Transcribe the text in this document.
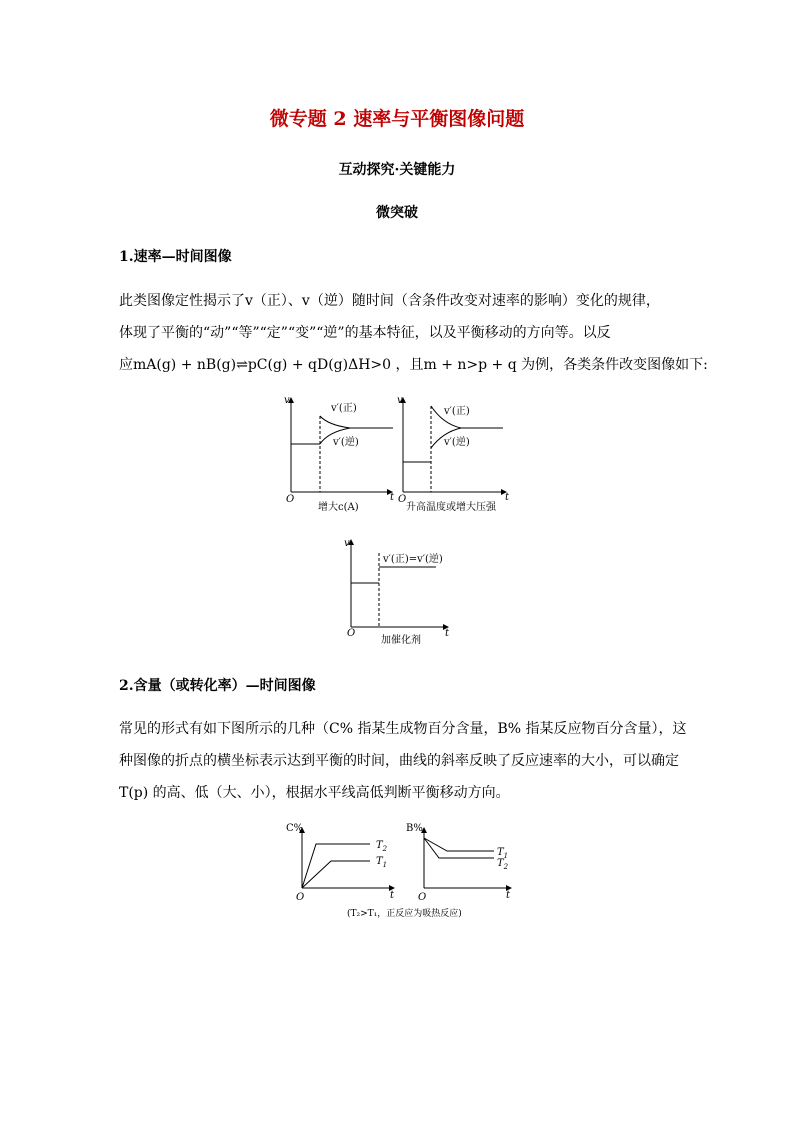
微专题 2 速率与平衡图像问题
互动探究·关键能力
微突破
1.速率—时间图像
此类图像定性揭示了v（正）、v（逆）随时间（含条件改变对速率的影响）变化的规律，
体现了平衡的“动”“等”“定”“变”“逆”的基本特征，以及平衡移动的方向等。以反
应mA(g) + nB(g)⇌pC(g) + qD(g)ΔH>0 ，且m + n>p + q 为例，各类条件改变图像如下:
2.含量（或转化率）—时间图像
常见的形式有如下图所示的几种（C% 指某生成物百分含量，B% 指某反应物百分含量），这
种图像的折点的横坐标表示达到平衡的时间，曲线的斜率反映了反应速率的大小，可以确定
T(p) 的高、低（大、小），根据水平线高低判断平衡移动方向。
v
O	t
v′(正)
v′(逆)
增大c(A)
v
O	t
v′(正)
v′(逆)
升高温度或增大压强
v
O	t
v′(正)=v′(逆)
加催化剂
C%
O	t
$T_2$
$T_1$
B%
O	t
$T_1$
$T_2$
(T₂>T₁，正反应为吸热反应)
